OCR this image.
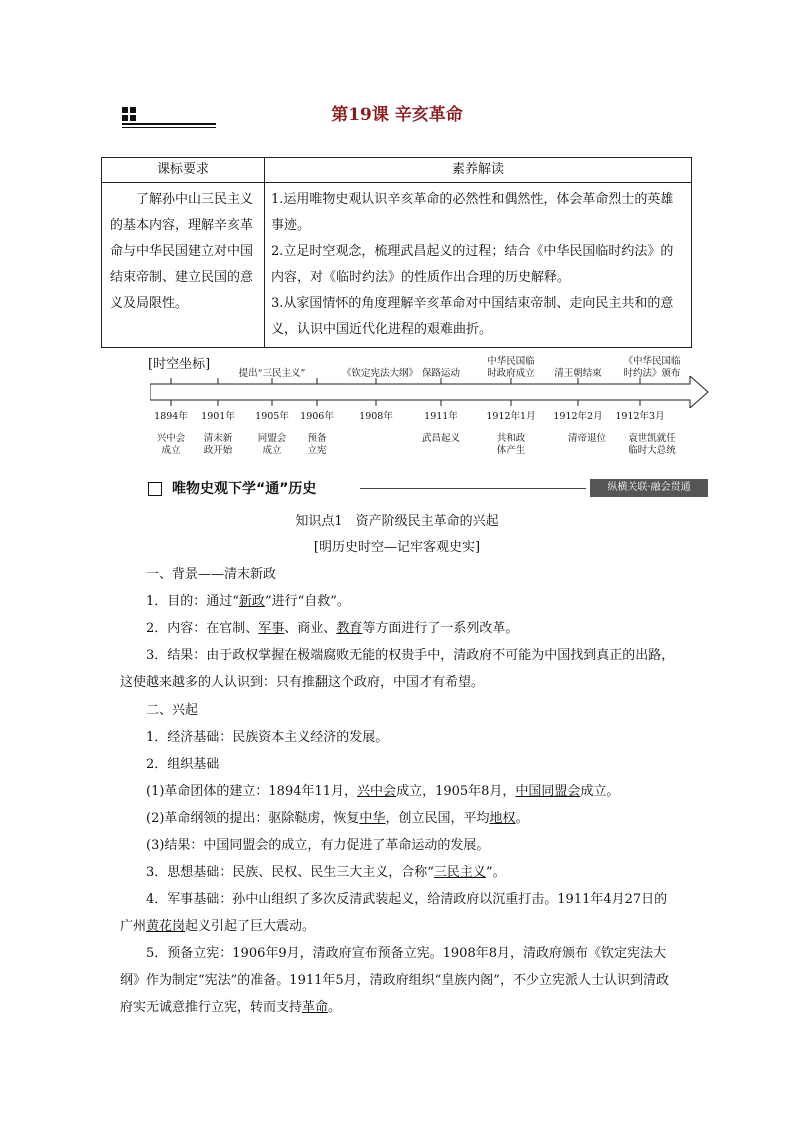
第19课 辛亥革命
课标要求	素养解读
了解孙中山三民主义的基本内容，理解辛亥革命与中华民国建立对中国结束帝制、建立民国的意义及局限性。	1.运用唯物史观认识辛亥革命的必然性和偶然性，体会革命烈士的英雄事迹。
2.立足时空观念，梳理武昌起义的过程；结合《中华民国临时约法》的内容，对《临时约法》的性质作出合理的历史解释。
3.从家国情怀的角度理解辛亥革命对中国结束帝制、走向民主共和的意义，认识中国近代化进程的艰难曲折。
[时空坐标]
提出“三民主义”	《钦定宪法大纲》 保路运动
中华民国临
时政府成立	清王朝结束
《中华民国临
时约法》颁布
1894年	1901年	1905年	1906年	1908年	1911年	1912年1月	1912年2月	1912年3月
兴中会
成立
清末新
政开始
同盟会
成立
预备
立宪
武昌起义	共和政
体产生
清帝退位	袁世凯就任
临时大总统
唯物史观下学“通”历史	纵横关联·融会贯通
知识点1　资产阶级民主革命的兴起
[明历史时空—记牢客观史实]
一、背景——清末新政
1．目的：通过“新政”进行“自救”。
2．内容：在官制、军事、商业、教育等方面进行了一系列改革。
3．结果：由于政权掌握在极端腐败无能的权贵手中，清政府不可能为中国找到真正的出路，这使越来越多的人认识到：只有推翻这个政府，中国才有希望。
二、兴起
1．经济基础：民族资本主义经济的发展。
2．组织基础
(1)革命团体的建立：1894年11月，兴中会成立，1905年8月，中国同盟会成立。
(2)革命纲领的提出：驱除鞑虏，恢复中华，创立民国，平均地权。
(3)结果：中国同盟会的成立，有力促进了革命运动的发展。
3．思想基础：民族、民权、民生三大主义，合称“三民主义”。
4．军事基础：孙中山组织了多次反清武装起义，给清政府以沉重打击。1911年4月27日的广州黄花岗起义引起了巨大震动。
5．预备立宪：1906年9月，清政府宣布预备立宪。1908年8月，清政府颁布《钦定宪法大纲》作为制定“宪法”的准备。1911年5月，清政府组织“皇族内阁”，不少立宪派人士认识到清政府实无诚意推行立宪，转而支持革命。
